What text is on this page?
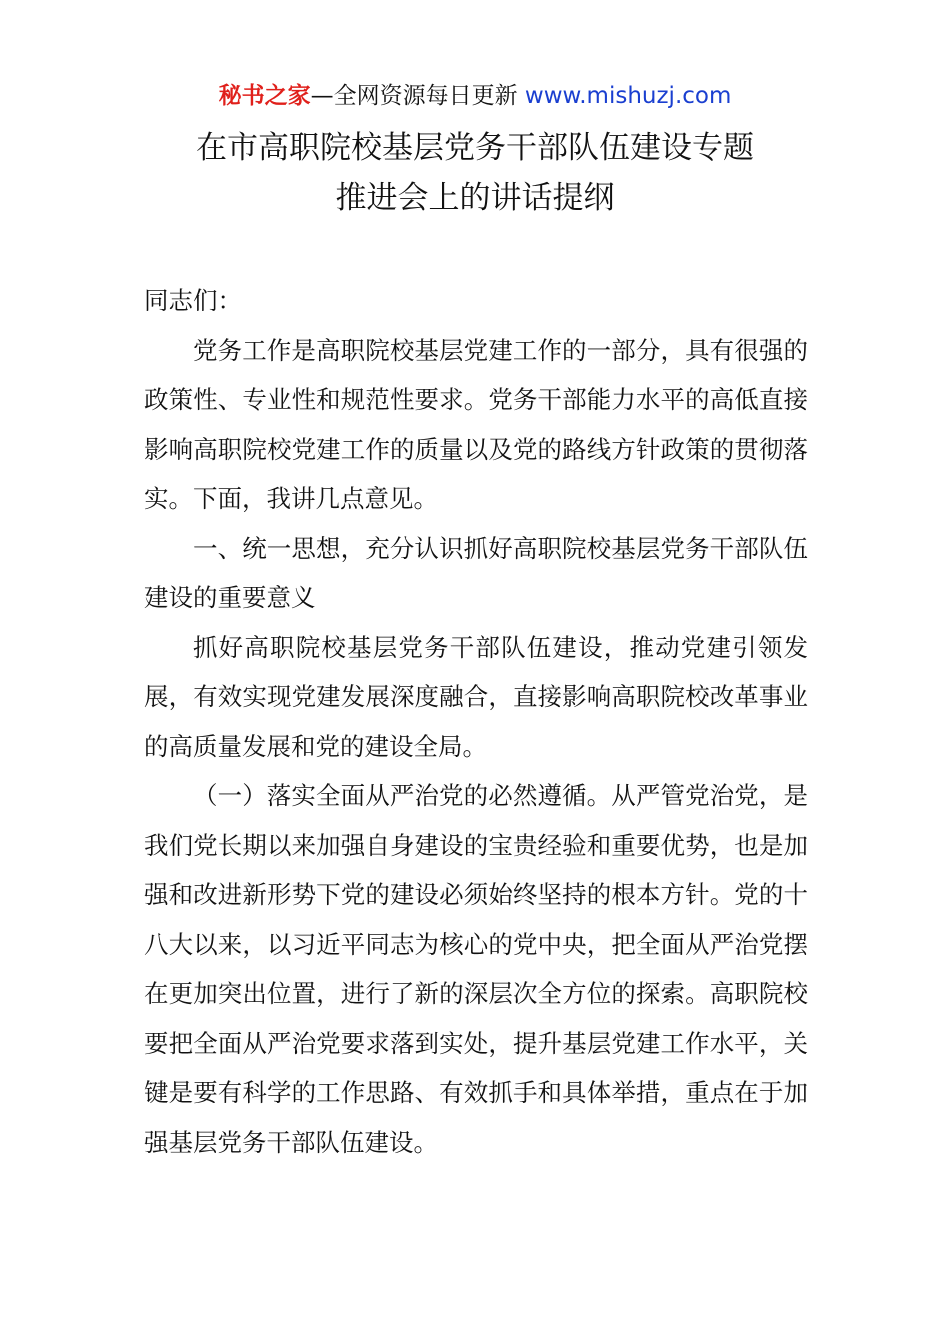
秘书之家—全网资源每日更新 www.mishuzj.com
在市高职院校基层党务干部队伍建设专题
推进会上的讲话提纲

同志们：

党务工作是高职院校基层党建工作的一部分，具有很强的政策性、专业性和规范性要求。党务干部能力水平的高低直接影响高职院校党建工作的质量以及党的路线方针政策的贯彻落实。下面，我讲几点意见。

一、统一思想，充分认识抓好高职院校基层党务干部队伍建设的重要意义

抓好高职院校基层党务干部队伍建设，推动党建引领发展，有效实现党建发展深度融合，直接影响高职院校改革事业的高质量发展和党的建设全局。

（一）落实全面从严治党的必然遵循。从严管党治党，是我们党长期以来加强自身建设的宝贵经验和重要优势，也是加强和改进新形势下党的建设必须始终坚持的根本方针。党的十八大以来，以习近平同志为核心的党中央，把全面从严治党摆在更加突出位置，进行了新的深层次全方位的探索。高职院校要把全面从严治党要求落到实处，提升基层党建工作水平，关键是要有科学的工作思路、有效抓手和具体举措，重点在于加强基层党务干部队伍建设。
